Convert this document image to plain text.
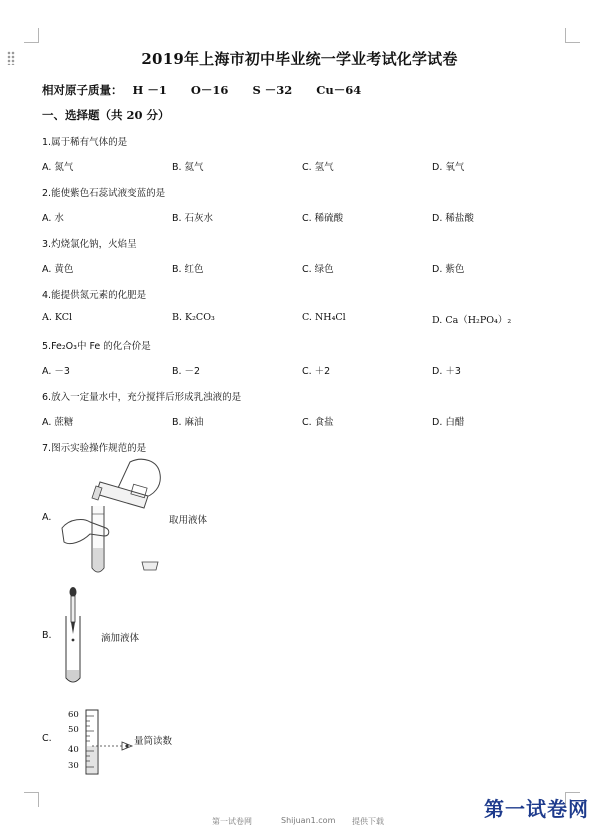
2019年上海市初中毕业统一学业考试化学试卷
相对原子质量： H －1 O－16 S －32 Cu－64
一、选择题（共 20 分）
1.属于稀有气体的是
A. 氮气	B. 氦气	C. 氢气	D. 氧气
2.能使紫色石蕊试液变蓝的是
A. 水	B. 石灰水	C. 稀硫酸	D. 稀盐酸
3.灼烧氯化钠，火焰呈
A. 黄色	B. 红色	C. 绿色	D. 紫色
4.能提供氮元素的化肥是
A. KCl	B. K₂CO₃	C. NH₄Cl	D. Ca（H₂PO₄）₂
5.Fe₂O₃中 Fe 的化合价是
A. －3	B. －2	C. ＋2	D. ＋3
6.放入一定量水中，充分搅拌后形成乳浊液的是
A. 蔗糖	B. 麻油	C. 食盐	D. 白醋
7.图示实验操作规范的是
A.	取用液体
B.	滴加液体
C.
60
50
40
30
量筒读数
第一试卷网	Shijuan1.com 提供下载
第一试卷网
